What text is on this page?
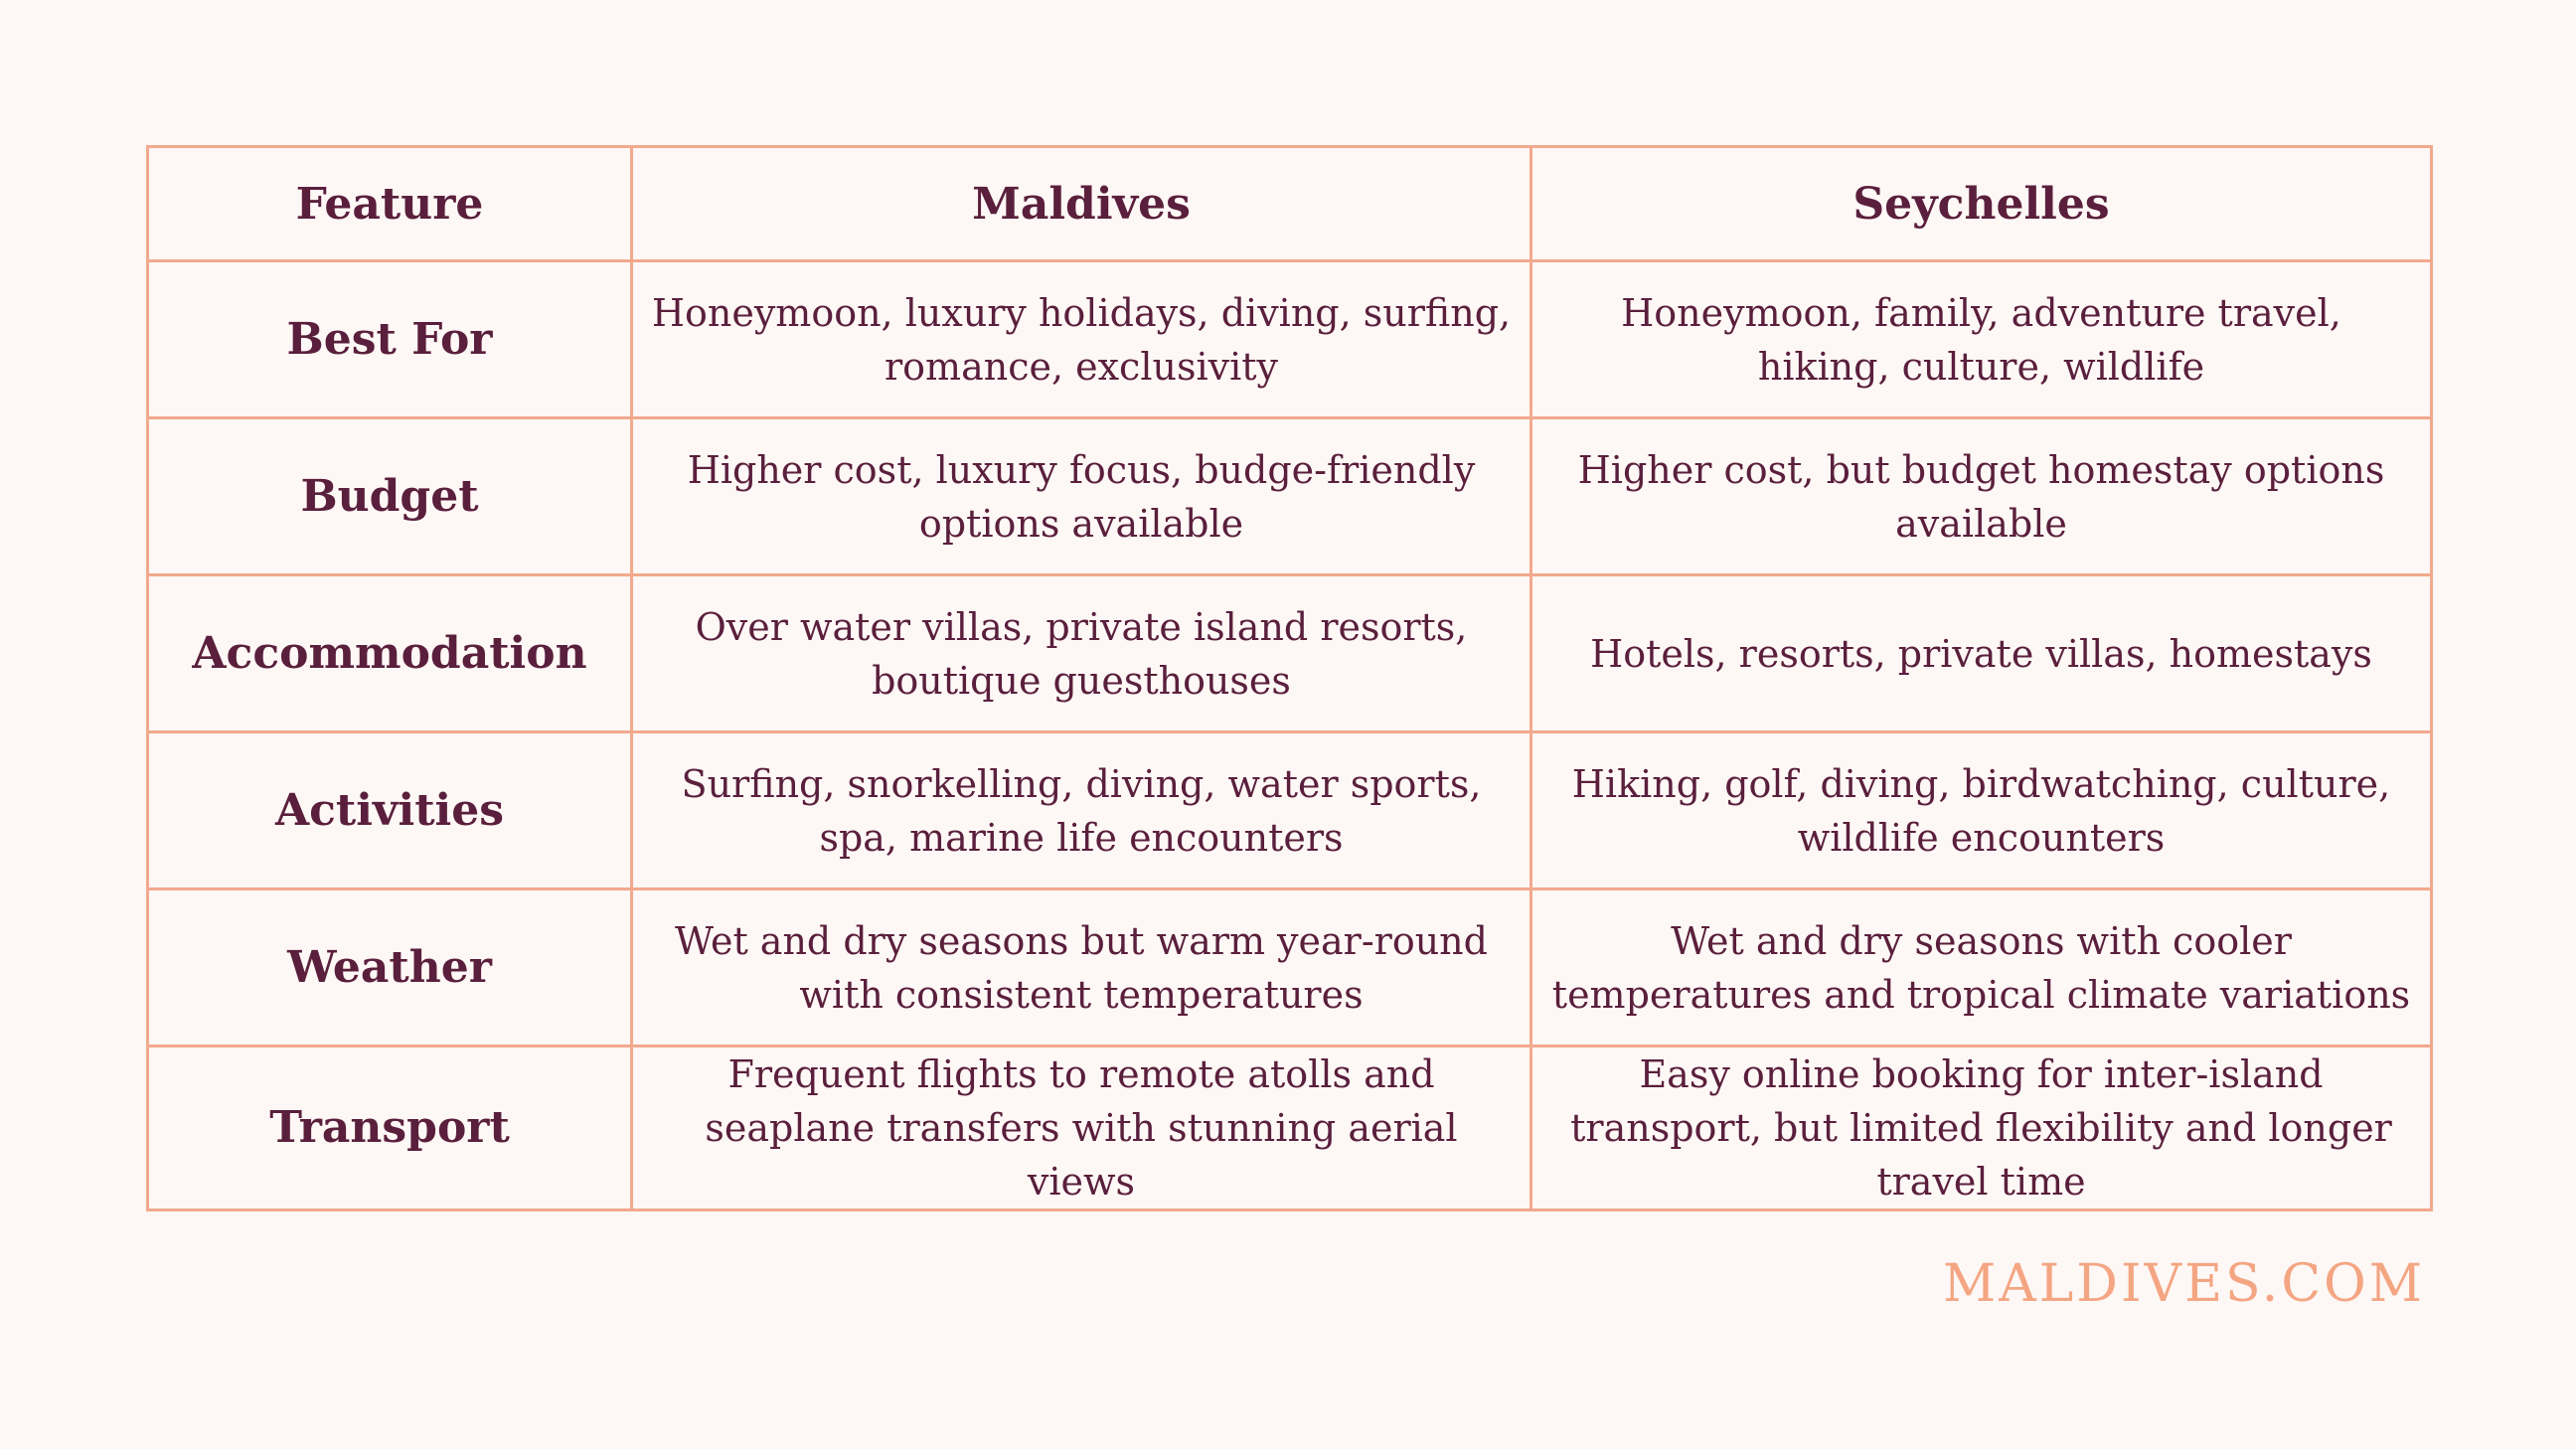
Feature	Maldives	Seychelles
Best For	Honeymoon, luxury holidays, diving, surfing, romance, exclusivity	Honeymoon, family, adventure travel, hiking, culture, wildlife
Budget	Higher cost, luxury focus, budge-friendly options available	Higher cost, but budget homestay options available
Accommodation	Over water villas, private island resorts, boutique guesthouses	Hotels, resorts, private villas, homestays
Activities	Surfing, snorkelling, diving, water sports, spa, marine life encounters	Hiking, golf, diving, birdwatching, culture, wildlife encounters
Weather	Wet and dry seasons but warm year-round with consistent temperatures	Wet and dry seasons with cooler temperatures and tropical climate variations
Transport	Frequent flights to remote atolls and seaplane transfers with stunning aerial views	Easy online booking for inter-island transport, but limited flexibility and longer travel time
MALDIVES.COM
